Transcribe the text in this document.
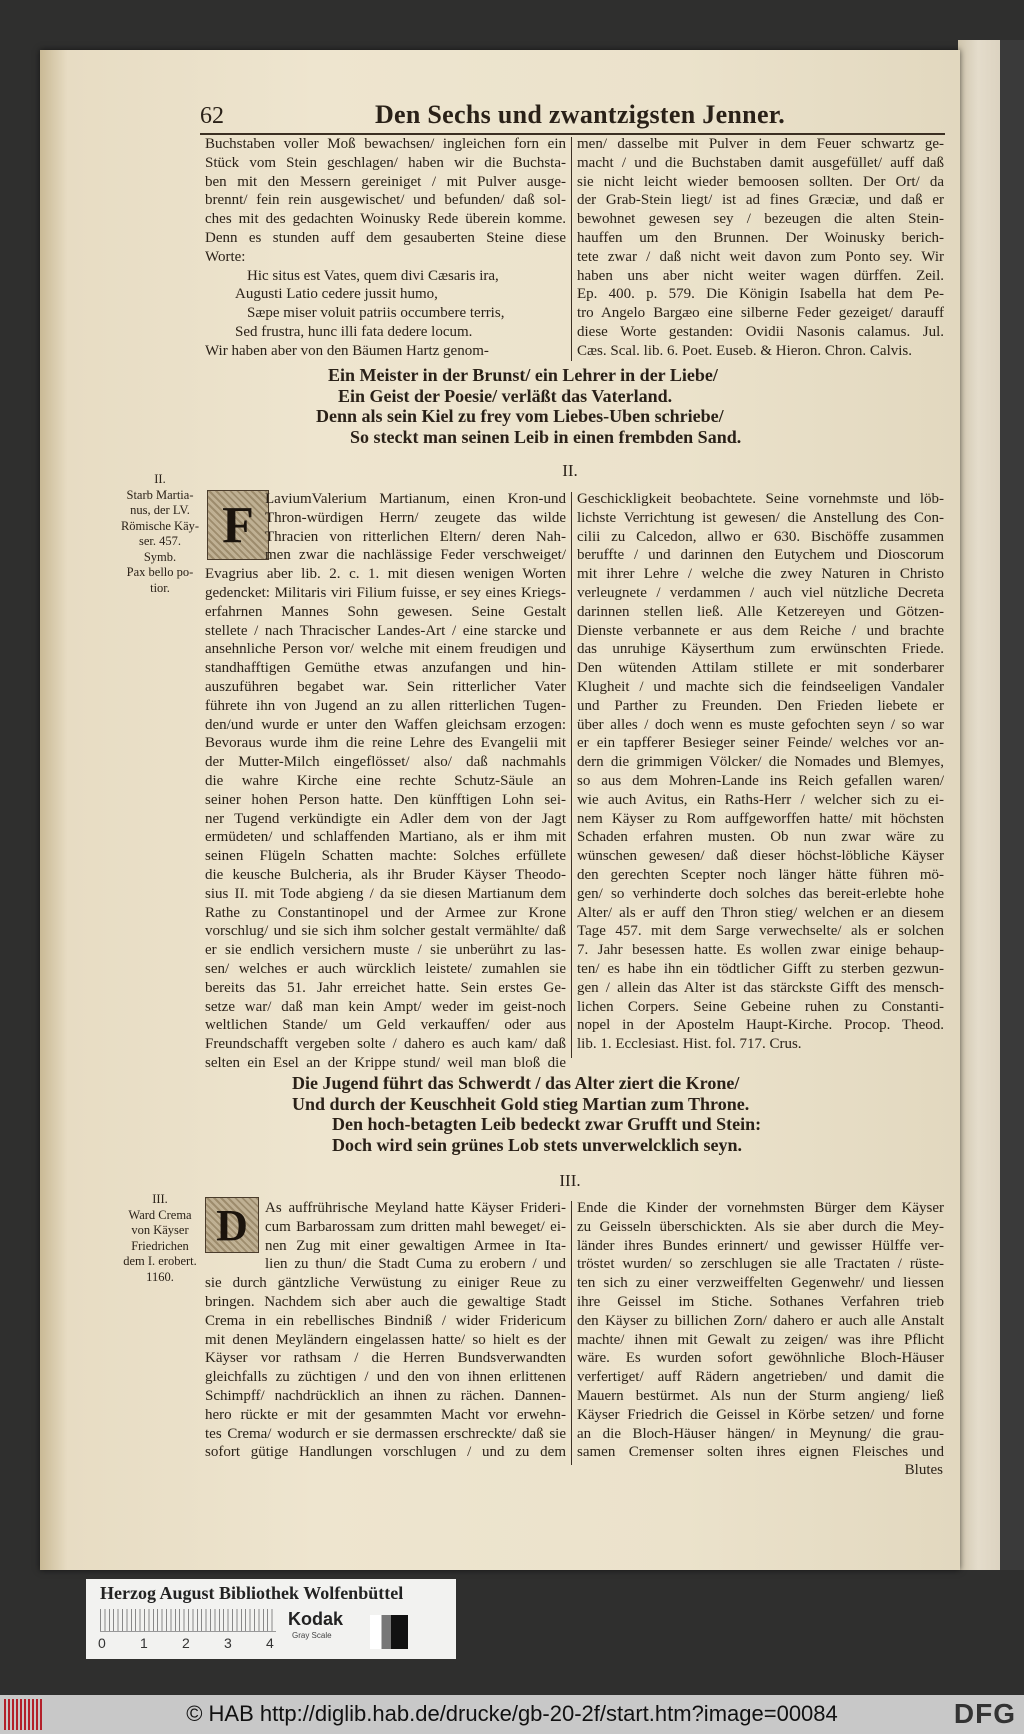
62	Den Sechs und zwantzigsten Jenner.
Buchstaben voller Moß bewachsen/ ingleichen forn ein
Stück vom Stein geschlagen/ haben wir die Buchsta-
ben mit den Messern gereiniget / mit Pulver ausge-
brennt/ fein rein ausgewischet/ und befunden/ daß sol-
ches mit des gedachten Woinusky Rede überein komme.
Denn es stunden auff dem gesauberten Steine diese
Worte:
Hic situs est Vates, quem divi Cæsaris ira,
Augusti Latio cedere jussit humo,
Sæpe miser voluit patriis occumbere terris,
Sed frustra, hunc illi fata dedere locum.
Wir haben aber von den Bäumen Hartz genom-
men/ dasselbe mit Pulver in dem Feuer schwartz ge-
macht / und die Buchstaben damit ausgefüllet/ auff daß
sie nicht leicht wieder bemoosen sollten. Der Ort/ da
der Grab-Stein liegt/ ist ad fines Græciæ, und daß er
bewohnet gewesen sey / bezeugen die alten Stein-
hauffen um den Brunnen. Der Woinusky berich-
tete zwar / daß nicht weit davon zum Ponto sey. Wir
haben uns aber nicht weiter wagen dürffen. Zeil.
Ep. 400. p. 579. Die Königin Isabella hat dem Pe-
tro Angelo Bargæo eine silberne Feder gezeiget/ darauff
diese Worte gestanden: Ovidii Nasonis calamus. Jul.
Cæs. Scal. lib. 6. Poet. Euseb. & Hieron. Chron. Calvis.
Ein Meister in der Brunst/ ein Lehrer in der Liebe/
Ein Geist der Poesie/ verläßt das Vaterland.
Denn als sein Kiel zu frey vom Liebes-Uben schriebe/
So steckt man seinen Leib in einen frembden Sand.
II.
II.
Starb Martia-
nus, der LV.
Römische Käy-
ser. 457.
Symb.
Pax bello po-
tior.
F LaviumValerium Martianum, einen Kron-und
Thron-würdigen Herrn/ zeugete das wilde
Thracien von ritterlichen Eltern/ deren Nah-
men zwar die nachlässige Feder verschweiget/
Evagrius aber lib. 2. c. 1. mit diesen wenigen Worten
gedencket: Militaris viri Filium fuisse, er sey eines Kriegs-
erfahrnen Mannes Sohn gewesen. Seine Gestalt
stellete / nach Thracischer Landes-Art / eine starcke und
ansehnliche Person vor/ welche mit einem freudigen und
standhafftigen Gemüthe etwas anzufangen und hin-
auszuführen begabet war. Sein ritterlicher Vater
führete ihn von Jugend an zu allen ritterlichen Tugen-
den/und wurde er unter den Waffen gleichsam erzogen:
Bevoraus wurde ihm die reine Lehre des Evangelii mit
der Mutter-Milch eingeflösset/ also/ daß nachmahls
die wahre Kirche eine rechte Schutz-Säule an
seiner hohen Person hatte. Den künfftigen Lohn sei-
ner Tugend verkündigte ein Adler dem von der Jagt
ermüdeten/ und schlaffenden Martiano, als er ihm mit
seinen Flügeln Schatten machte: Solches erfüllete
die keusche Bulcheria, als ihr Bruder Käyser Theodo-
sius II. mit Tode abgieng / da sie diesen Martianum dem
Rathe zu Constantinopel und der Armee zur Krone
vorschlug/ und sie sich ihm solcher gestalt vermählte/ daß
er sie endlich versichern muste / sie unberührt zu las-
sen/ welches er auch würcklich leistete/ zumahlen sie
bereits das 51. Jahr erreichet hatte. Sein erstes Ge-
setze war/ daß man kein Ampt/ weder im geist-noch
weltlichen Stande/ um Geld verkauffen/ oder aus
Freundschafft vergeben solte / dahero es auch kam/ daß
selten ein Esel an der Krippe stund/ weil man bloß die
Geschickligkeit beobachtete. Seine vornehmste und löb-
lichste Verrichtung ist gewesen/ die Anstellung des Con-
cilii zu Calcedon, allwo er 630. Bischöffe zusammen
beruffte / und darinnen den Eutychem und Dioscorum
mit ihrer Lehre / welche die zwey Naturen in Christo
verleugnete / verdammen / auch viel nützliche Decreta
darinnen stellen ließ. Alle Ketzereyen und Götzen-
Dienste verbannete er aus dem Reiche / und brachte
das unruhige Käyserthum zum erwünschten Friede.
Den wütenden Attilam stillete er mit sonderbarer
Klugheit / und machte sich die feindseeligen Vandaler
und Parther zu Freunden. Den Frieden liebete er
über alles / doch wenn es muste gefochten seyn / so war
er ein tapfferer Besieger seiner Feinde/ welches vor an-
dern die grimmigen Völcker/ die Nomades und Blemyes,
so aus dem Mohren-Lande ins Reich gefallen waren/
wie auch Avitus, ein Raths-Herr / welcher sich zu ei-
nem Käyser zu Rom auffgeworffen hatte/ mit höchsten
Schaden erfahren musten. Ob nun zwar wäre zu
wünschen gewesen/ daß dieser höchst-löbliche Käyser
den gerechten Scepter noch länger hätte führen mö-
gen/ so verhinderte doch solches das bereit-erlebte hohe
Alter/ als er auff den Thron stieg/ welchen er an diesem
Tage 457. mit dem Sarge verwechselte/ als er solchen
7. Jahr besessen hatte. Es wollen zwar einige behaup-
ten/ es habe ihn ein tödtlicher Gifft zu sterben gezwun-
gen / allein das Alter ist das stärckste Gifft des mensch-
lichen Corpers. Seine Gebeine ruhen zu Constanti-
nopel in der Apostelm Haupt-Kirche. Procop. Theod.
lib. 1. Ecclesiast. Hist. fol. 717. Crus.
Die Jugend führt das Schwerdt / das Alter ziert die Krone/
Und durch der Keuschheit Gold stieg Martian zum Throne.
Den hoch-betagten Leib bedeckt zwar Grufft und Stein:
Doch wird sein grünes Lob stets unverwelcklich seyn.
III.
III.
Ward Crema
von Käyser
Friedrichen
dem I. erobert.
1160.
D	As auffrührische Meyland hatte Käyser Frideri-
cum Barbarossam zum dritten mahl beweget/ ei-
nen Zug mit einer gewaltigen Armee in Ita-
lien zu thun/ die Stadt Cuma zu erobern / und
sie durch gäntzliche Verwüstung zu einiger Reue zu
bringen. Nachdem sich aber auch die gewaltige Stadt
Crema in ein rebellisches Bindniß / wider Fridericum
mit denen Meyländern eingelassen hatte/ so hielt es der
Käyser vor rathsam / die Herren Bundsverwandten
gleichfalls zu züchtigen / und den von ihnen erlittenen
Schimpff/ nachdrücklich an ihnen zu rächen. Dannen-
hero rückte er mit der gesammten Macht vor erwehn-
tes Crema/ wodurch er sie dermassen erschreckte/ daß sie
sofort gütige Handlungen vorschlugen / und zu dem
Ende die Kinder der vornehmsten Bürger dem Käyser
zu Geisseln überschickten. Als sie aber durch die Mey-
länder ihres Bundes erinnert/ und gewisser Hülffe ver-
tröstet wurden/ so zerschlugen sie alle Tractaten / rüste-
ten sich zu einer verzweiffelten Gegenwehr/ und liessen
ihre Geissel im Stiche. Sothanes Verfahren trieb
den Käyser zu billichen Zorn/ dahero er auch alle Anstalt
machte/ ihnen mit Gewalt zu zeigen/ was ihre Pflicht
wäre. Es wurden sofort gewöhnliche Bloch-Häuser
verfertiget/ auff Rädern angetrieben/ und damit die
Mauern bestürmet. Als nun der Sturm angieng/ ließ
Käyser Friedrich die Geissel in Körbe setzen/ und forne
an die Bloch-Häuser hängen/ in Meynung/ die grau-
samen Cremenser solten ihres eignen Fleisches und
Blutes
Herzog August Bibliothek Wolfenbüttel
0 1 2 3 4
Kodak
Gray Scale
© HAB http://diglib.hab.de/drucke/gb-20-2f/start.htm?image=00084	DFG
